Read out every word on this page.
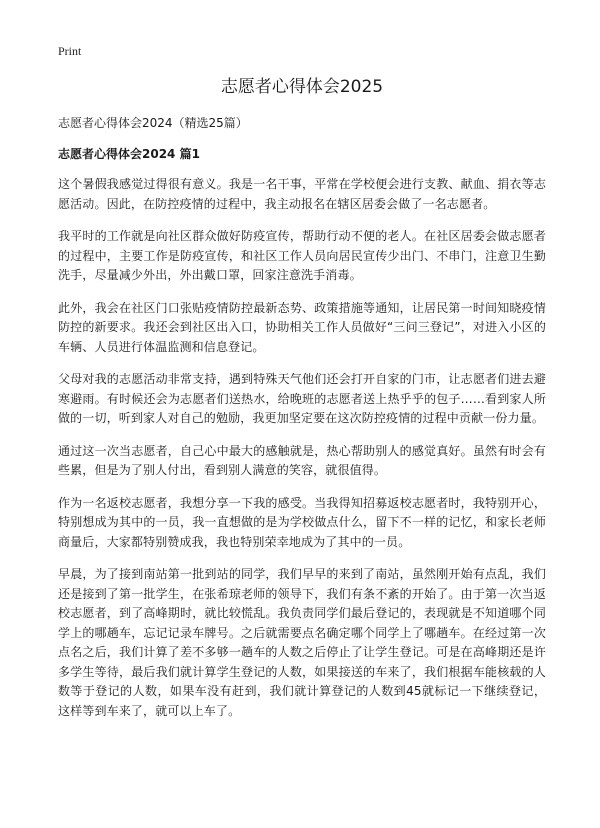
Print
志愿者心得体会2025
志愿者心得体会2024（精选25篇）
志愿者心得体会2024 篇1

这个暑假我感觉过得很有意义。我是一名干事，平常在学校便会进行支教、献血、捐衣等志愿活动。因此，在防控疫情的过程中，我主动报名在辖区居委会做了一名志愿者。

我平时的工作就是向社区群众做好防疫宣传，帮助行动不便的老人。在社区居委会做志愿者的过程中，主要工作是防疫宣传，和社区工作人员向居民宣传少出门、不串门，注意卫生勤洗手，尽量减少外出，外出戴口罩，回家注意洗手消毒。

此外，我会在社区门口张贴疫情防控最新态势、政策措施等通知，让居民第一时间知晓疫情防控的新要求。我还会到社区出入口，协助相关工作人员做好“三问三登记”，对进入小区的车辆、人员进行体温监测和信息登记。

父母对我的志愿活动非常支持，遇到特殊天气他们还会打开自家的门市，让志愿者们进去避寒避雨。有时候还会为志愿者们送热水，给晚班的志愿者送上热乎乎的包子……看到家人所做的一切，听到家人对自己的勉励，我更加坚定要在这次防控疫情的过程中贡献一份力量。

通过这一次当志愿者，自己心中最大的感触就是，热心帮助别人的感觉真好。虽然有时会有些累，但是为了别人付出，看到别人满意的笑容，就很值得。

作为一名返校志愿者，我想分享一下我的感受。当我得知招募返校志愿者时，我特别开心，特别想成为其中的一员，我一直想做的是为学校做点什么，留下不一样的记忆，和家长老师商量后，大家都特别赞成我，我也特别荣幸地成为了其中的一员。

早晨，为了接到南站第一批到站的同学，我们早早的来到了南站，虽然刚开始有点乱，我们还是接到了第一批学生，在张希琼老师的领导下，我们有条不紊的开始了。由于第一次当返校志愿者，到了高峰期时，就比较慌乱。我负责同学们最后登记的，表现就是不知道哪个同学上的哪趟车，忘记记录车牌号。之后就需要点名确定哪个同学上了哪趟车。在经过第一次点名之后，我们计算了差不多够一趟车的人数之后停止了让学生登记。可是在高峰期还是许多学生等待，最后我们就计算学生登记的人数，如果接送的车来了，我们根据车能核载的人数等于登记的人数，如果车没有赶到，我们就计算登记的人数到45就标记一下继续登记，这样等到车来了，就可以上车了。
